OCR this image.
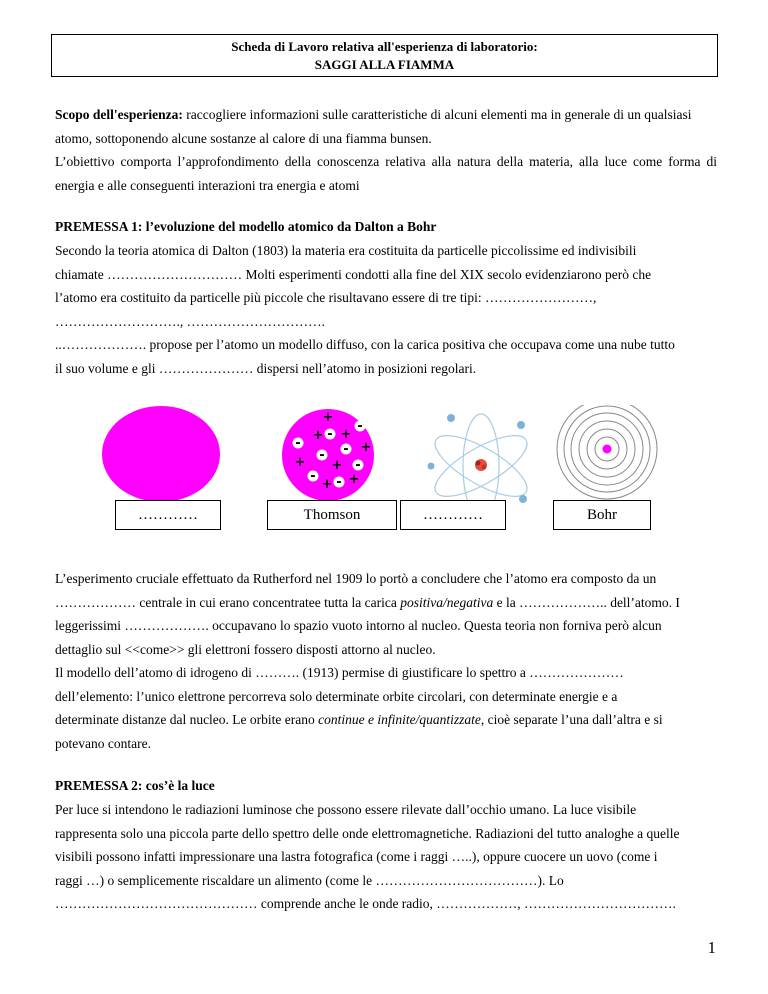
Scheda di Lavoro relativa all'esperienza di laboratorio:
SAGGI ALLA FIAMMA

Scopo dell'esperienza: raccogliere informazioni sulle caratteristiche di alcuni elementi ma in generale di un qualsiasi atomo, sottoponendo alcune sostanze al calore di una fiamma bunsen.

L’obiettivo comporta l’approfondimento della conoscenza relativa alla natura della materia, alla luce come forma di energia e alle conseguenti interazioni tra energia e atomi

PREMESSA 1: l’evoluzione del modello atomico da Dalton a Bohr

Secondo la teoria atomica di Dalton (1803) la materia era costituita da particelle piccolissime ed indivisibili
chiamate ………………………… Molti esperimenti condotti alla fine del XIX secolo evidenziarono però che
l’atomo era costituito da particelle più piccole che risultavano essere di tre tipi: ……………………,
………………………., ………………………….
..………………. propose per l’atomo un modello diffuso, con la carica positiva che occupava come una nube tutto
il suo volume e gli ………………… dispersi nell’atomo in posizioni regolari.
+
-
+ - +
-	+
-
-
+ + -
-	+
-
+
…………	Thomson	…………	Bohr
L’esperimento cruciale effettuato da Rutherford nel 1909 lo portò a concludere che l’atomo era composto da un
……………… centrale in cui erano concentratee tutta la carica positiva/negativa e la ……………….. dell’atomo. I
leggerissimi ………………. occupavano lo spazio vuoto intorno al nucleo. Questa teoria non forniva però alcun
dettaglio sul <<come>> gli elettroni fossero disposti attorno al nucleo.
Il modello dell’atomo di idrogeno di ………. (1913) permise di giustificare lo spettro a …………………
dell’elemento: l’unico elettrone percorreva solo determinate orbite circolari, con determinate energie e a
determinate distanze dal nucleo. Le orbite erano continue e infinite/quantizzate, cioè separate l’una dall’altra e si
potevano contare.

PREMESSA 2: cos’è la luce

Per luce si intendono le radiazioni luminose che possono essere rilevate dall’occhio umano. La luce visibile
rappresenta solo una piccola parte dello spettro delle onde elettromagnetiche. Radiazioni del tutto analoghe a quelle
visibili possono infatti impressionare una lastra fotografica (come i raggi …..), oppure cuocere un uovo (come i
raggi …) o semplicemente riscaldare un alimento (come le ………………………………). Lo
……………………………………… comprende anche le onde radio, ………………, …………………………….
1
